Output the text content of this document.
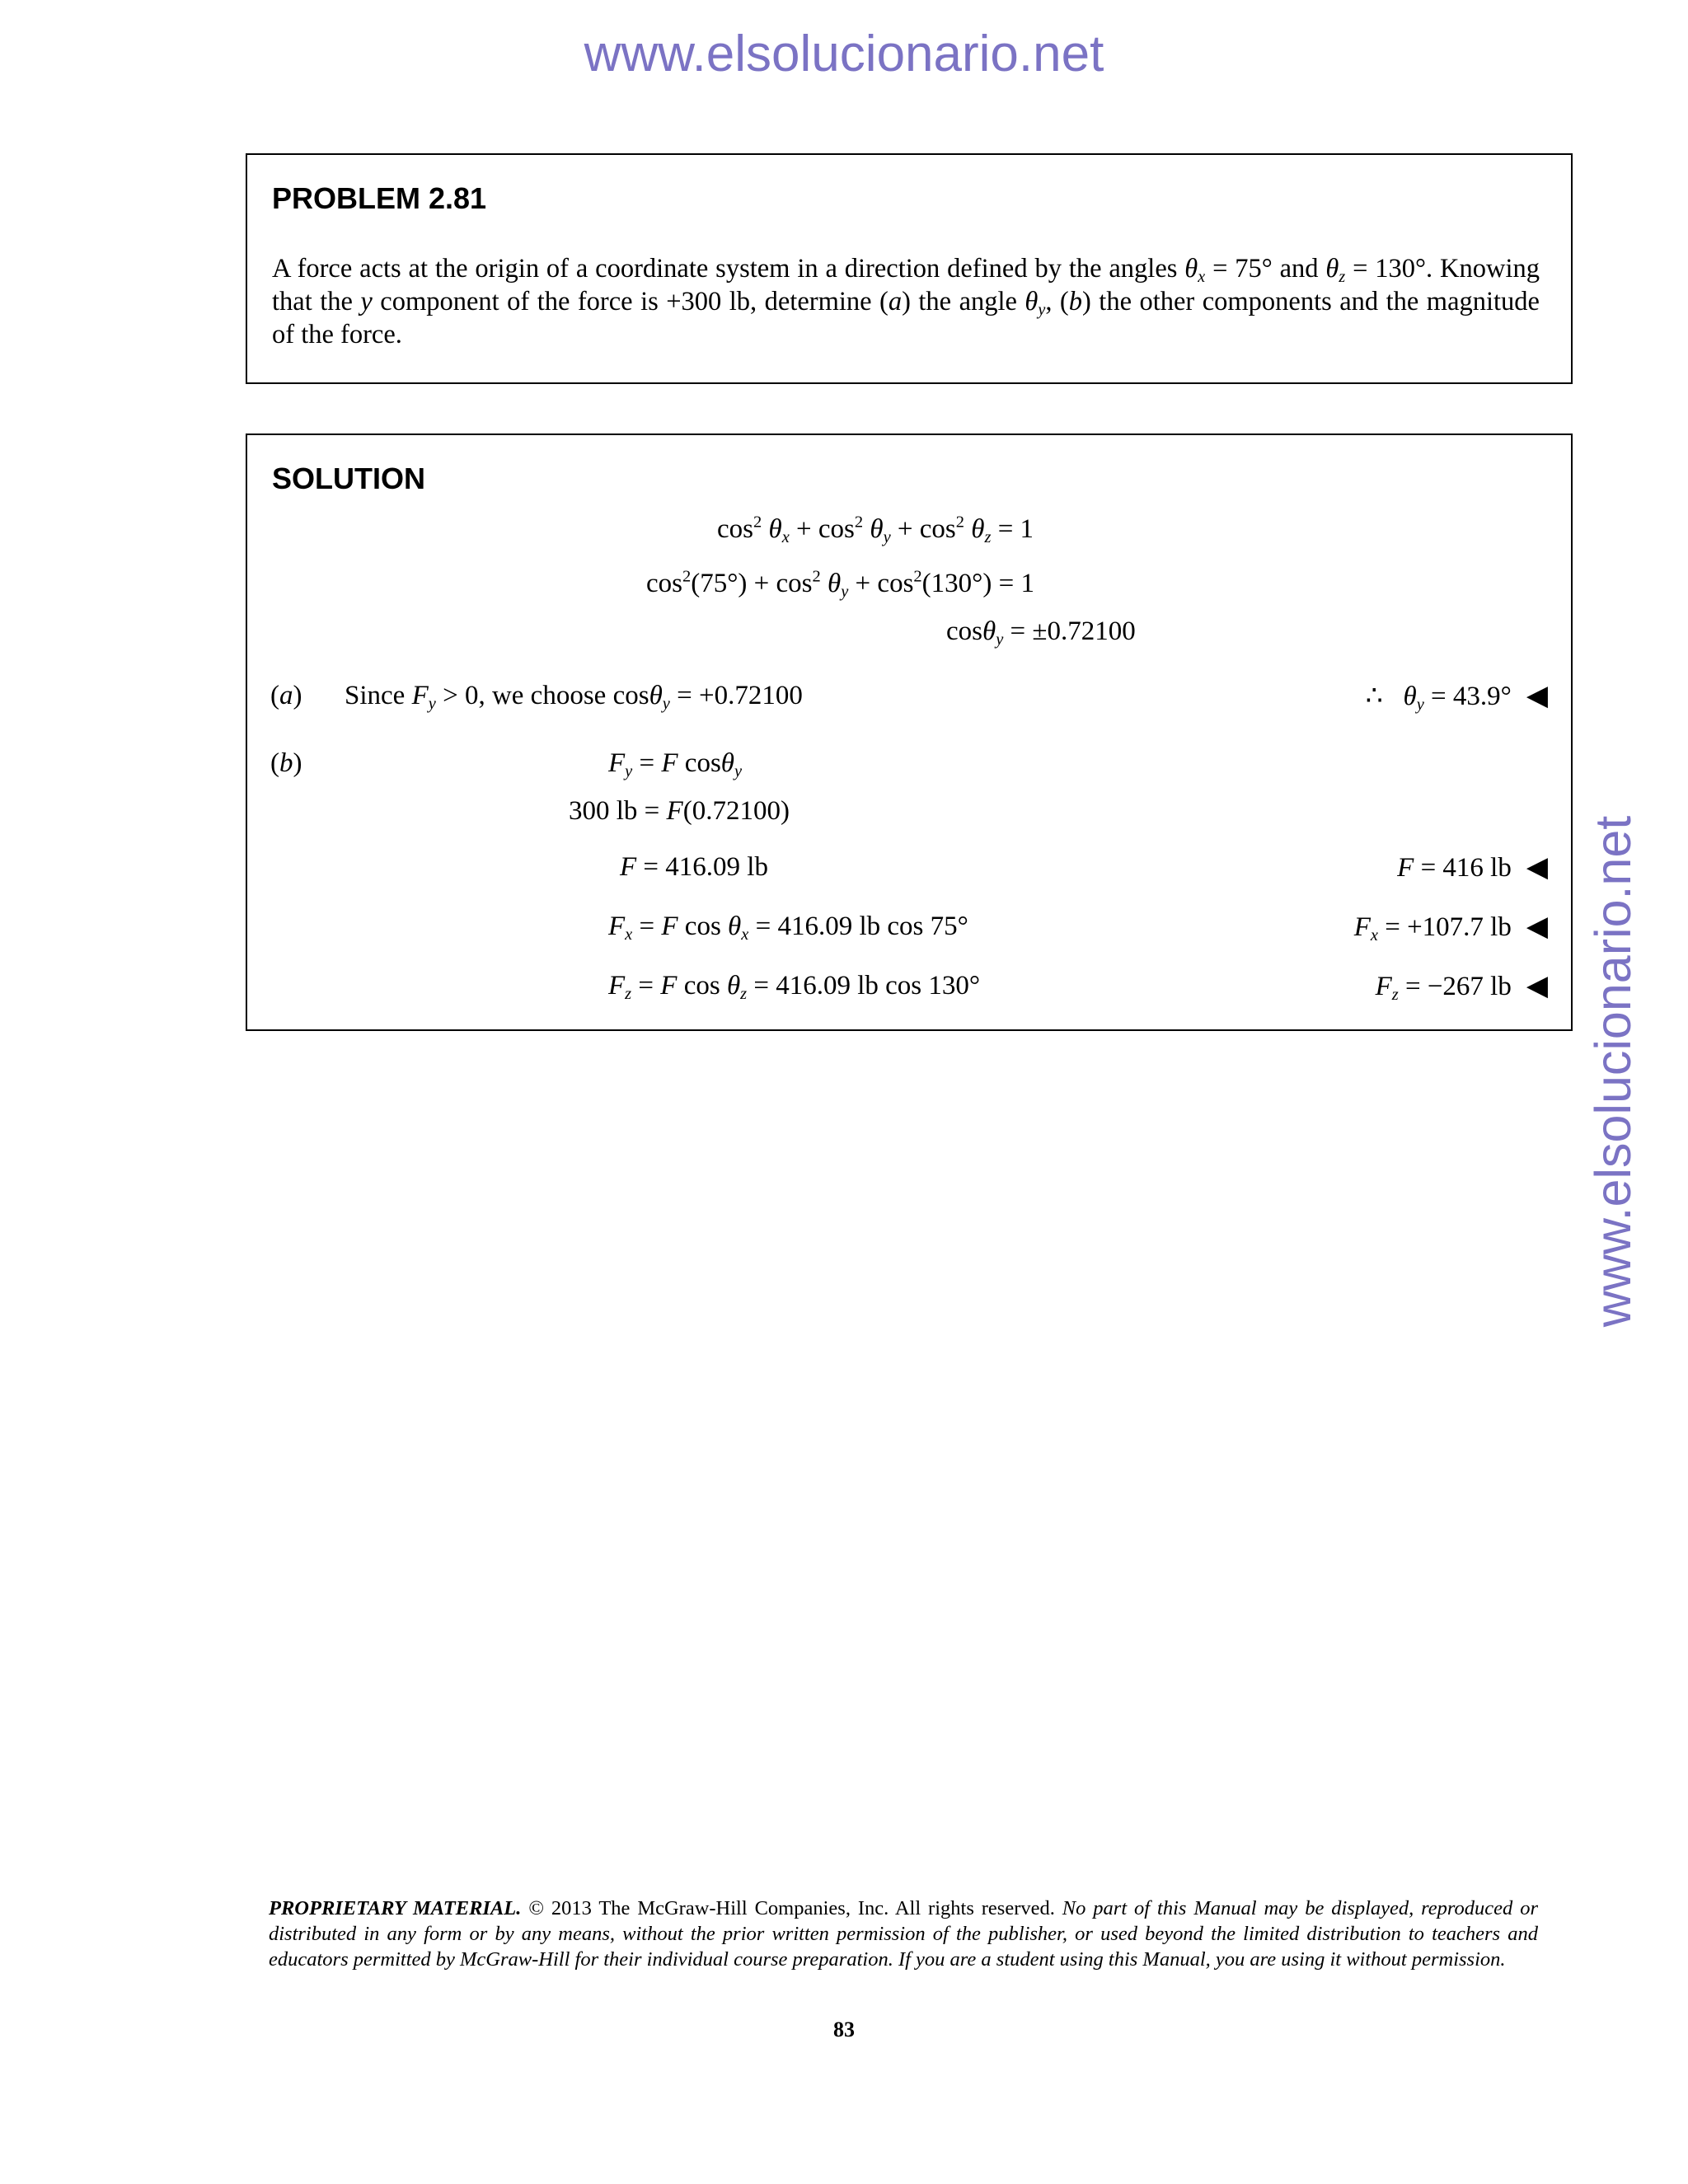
www.elsolucionario.net
www.elsolucionario.net
PROBLEM 2.81
A force acts at the origin of a coordinate system in a direction defined by the angles $\theta_x = 75^\circ$ and $\theta_z = 130^\circ$. Knowing that the y component of the force is +300 lb, determine (a) the angle $\theta_y$, (b) the other components and the magnitude of the force.
SOLUTION
$\cos^2 \theta_x + \cos^2 \theta_y + \cos^2 \theta_z = 1$
$\cos^2(75^\circ) + \cos^2 \theta_y + \cos^2(130^\circ) = 1$
cosθ$_y$ = ±0.72100
(a) Since $F_y > 0$, we choose cosθ$_y$ = +0.72100	∴ $\theta_y = 43.9^\circ$ ◀
(b)	$F_y = F$ cosθ$_y$
300 lb = F(0.72100)
F = 416.09 lb	F = 416 lb ◀
$F_x = F$ $\cos \theta_x = 416.09$ lb cos 75°	$F_x = +107.7$ lb ◀
$F_z = F$ $\cos \theta_z = 416.09$ lb cos 130°	$F_z = -267$ lb ◀
PROPRIETARY MATERIAL. © 2013 The McGraw-Hill Companies, Inc. All rights reserved. No part of this Manual may be displayed, reproduced or distributed in any form or by any means, without the prior written permission of the publisher, or used beyond the limited distribution to teachers and educators permitted by McGraw-Hill for their individual course preparation. If you are a student using this Manual, you are using it without permission.
83
